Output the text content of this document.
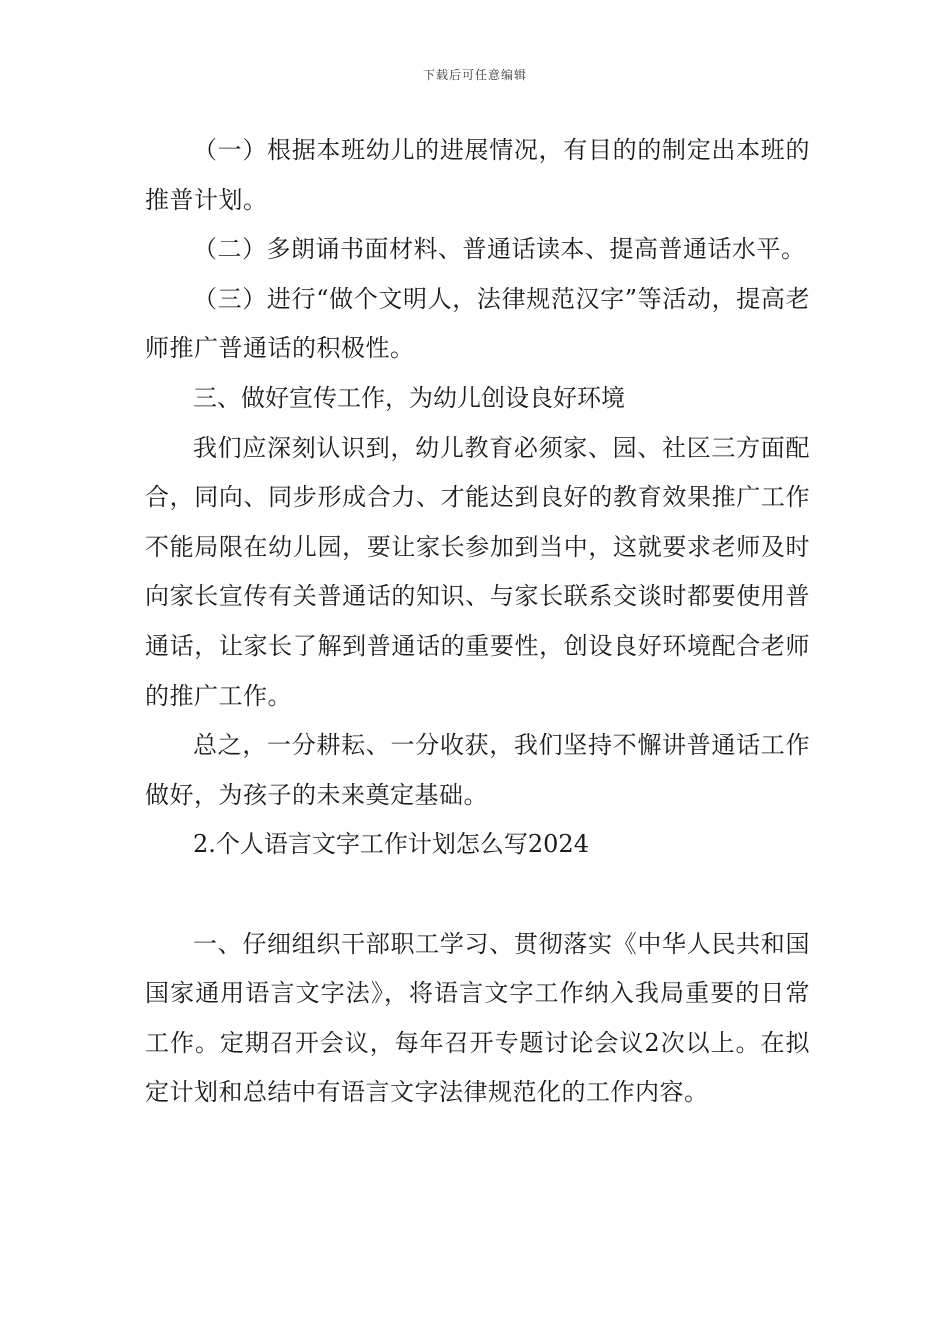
下载后可任意编辑

（一）根据本班幼儿的进展情况，有目的的制定出本班的推普计划。

（二）多朗诵书面材料、普通话读本、提高普通话水平。

（三）进行“做个文明人，法律规范汉字”等活动，提高老师推广普通话的积极性。

三、做好宣传工作，为幼儿创设良好环境

我们应深刻认识到，幼儿教育必须家、园、社区三方面配合，同向、同步形成合力、才能达到良好的教育效果推广工作不能局限在幼儿园，要让家长参加到当中，这就要求老师及时向家长宣传有关普通话的知识、与家长联系交谈时都要使用普通话，让家长了解到普通话的重要性，创设良好环境配合老师的推广工作。

总之，一分耕耘、一分收获，我们坚持不懈讲普通话工作做好，为孩子的未来奠定基础。

2.个人语言文字工作计划怎么写2024

一、仔细组织干部职工学习、贯彻落实《中华人民共和国国家通用语言文字法》，将语言文字工作纳入我局重要的日常工作。定期召开会议，每年召开专题讨论会议2次以上。在拟定计划和总结中有语言文字法律规范化的工作内容。
